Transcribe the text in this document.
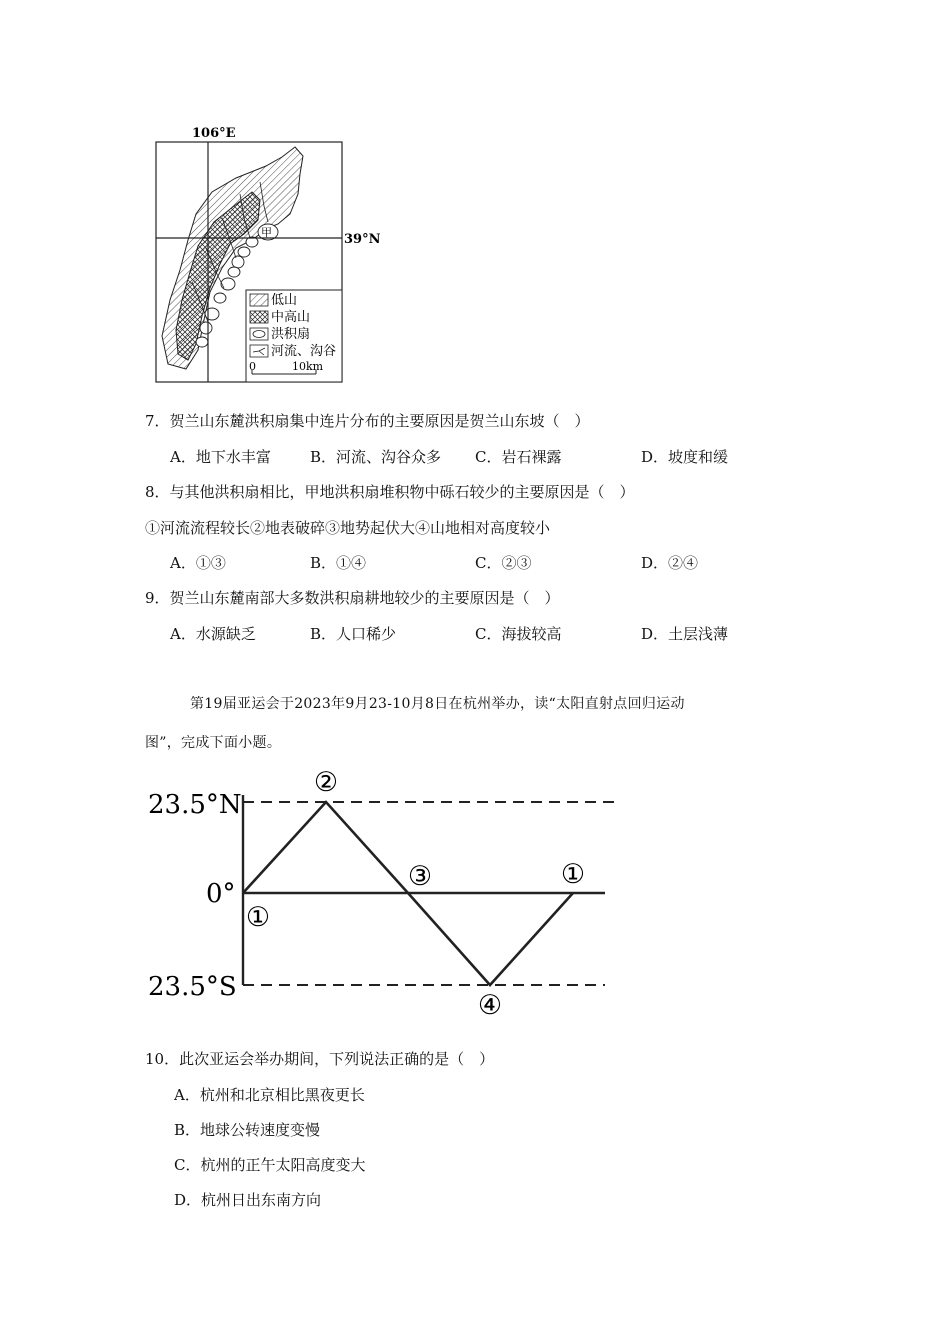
106°E
39°N
甲
低山
中高山
洪积扇
河流、沟谷
0	10km
7．贺兰山东麓洪积扇集中连片分布的主要原因是贺兰山东坡（　）
A．地下水丰富	B．河流、沟谷众多 C．岩石裸露	D．坡度和缓
8．与其他洪积扇相比，甲地洪积扇堆积物中砾石较少的主要原因是（　）
①河流流程较长②地表破碎③地势起伏大④山地相对高度较小
A．①③	B．①④	C．②③	D．②④
9．贺兰山东麓南部大多数洪积扇耕地较少的主要原因是（　）
A．水源缺乏	B．人口稀少	C．海拔较高	D．土层浅薄
第19届亚运会于2023年9月23-10月8日在杭州举办，读“太阳直射点回归运动
图”，完成下面小题。
23.5°N
0°
23.5°S
①
②
③
④
①
10．此次亚运会举办期间，下列说法正确的是（　）
A．杭州和北京相比黑夜更长
B．地球公转速度变慢
C．杭州的正午太阳高度变大
D．杭州日出东南方向
